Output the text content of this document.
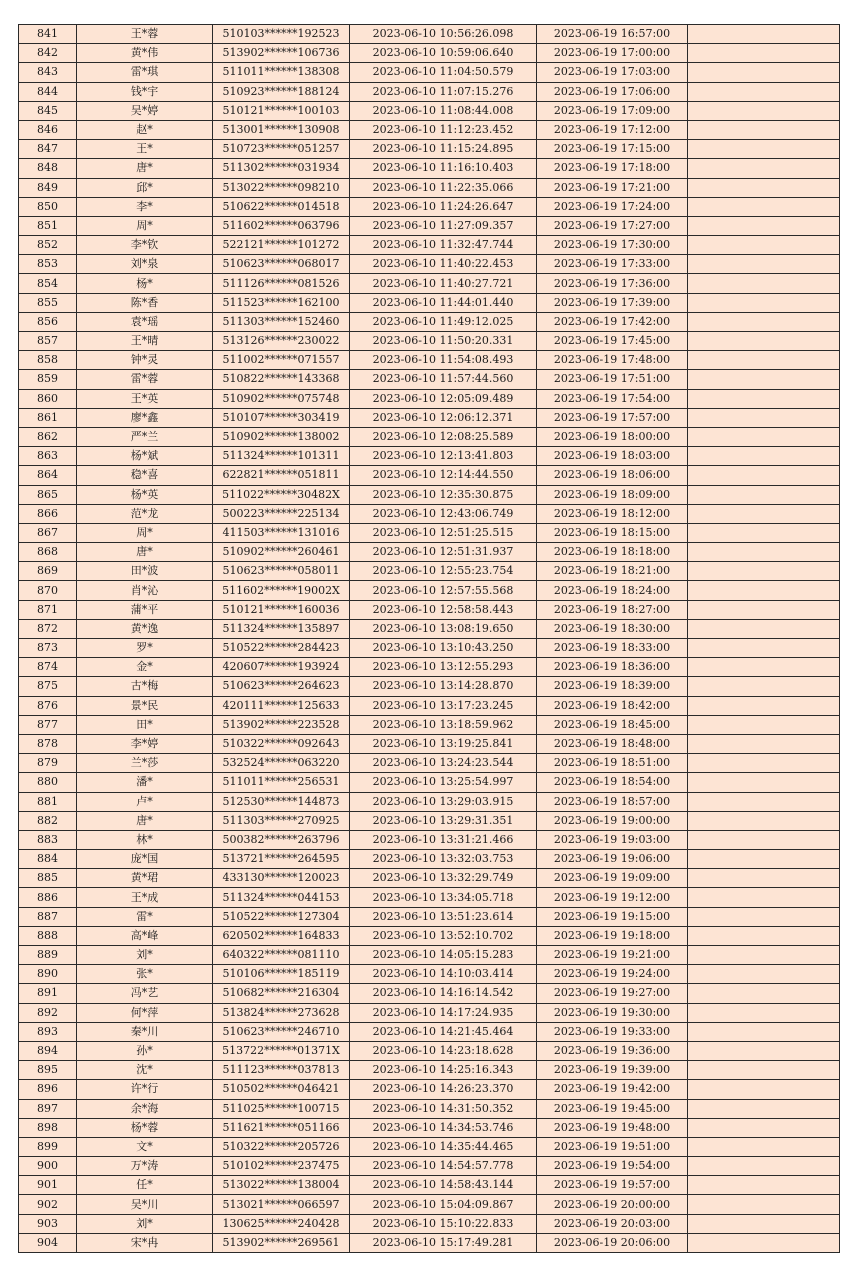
841	王*蓉	510103******192523	2023-06-10 10:56:26.098	2023-06-19 16:57:00	
842	黄*伟	513902******106736	2023-06-10 10:59:06.640	2023-06-19 17:00:00	
843	雷*琪	511011******138308	2023-06-10 11:04:50.579	2023-06-19 17:03:00	
844	钱*宇	510923******188124	2023-06-10 11:07:15.276	2023-06-19 17:06:00	
845	吴*婷	510121******100103	2023-06-10 11:08:44.008	2023-06-19 17:09:00	
846	赵*	513001******130908	2023-06-10 11:12:23.452	2023-06-19 17:12:00	
847	王*	510723******051257	2023-06-10 11:15:24.895	2023-06-19 17:15:00	
848	唐*	511302******031934	2023-06-10 11:16:10.403	2023-06-19 17:18:00	
849	邱*	513022******098210	2023-06-10 11:22:35.066	2023-06-19 17:21:00	
850	李*	510622******014518	2023-06-10 11:24:26.647	2023-06-19 17:24:00	
851	周*	511602******063796	2023-06-10 11:27:09.357	2023-06-19 17:27:00	
852	李*钦	522121******101272	2023-06-10 11:32:47.744	2023-06-19 17:30:00	
853	刘*泉	510623******068017	2023-06-10 11:40:22.453	2023-06-19 17:33:00	
854	杨*	511126******081526	2023-06-10 11:40:27.721	2023-06-19 17:36:00	
855	陈*香	511523******162100	2023-06-10 11:44:01.440	2023-06-19 17:39:00	
856	袁*瑶	511303******152460	2023-06-10 11:49:12.025	2023-06-19 17:42:00	
857	王*晴	513126******230022	2023-06-10 11:50:20.331	2023-06-19 17:45:00	
858	钟*灵	511002******071557	2023-06-10 11:54:08.493	2023-06-19 17:48:00	
859	雷*蓉	510822******143368	2023-06-10 11:57:44.560	2023-06-19 17:51:00	
860	王*英	510902******075748	2023-06-10 12:05:09.489	2023-06-19 17:54:00	
861	廖*鑫	510107******303419	2023-06-10 12:06:12.371	2023-06-19 17:57:00	
862	严*兰	510902******138002	2023-06-10 12:08:25.589	2023-06-19 18:00:00	
863	杨*斌	511324******101311	2023-06-10 12:13:41.803	2023-06-19 18:03:00	
864	稳*喜	622821******051811	2023-06-10 12:14:44.550	2023-06-19 18:06:00	
865	杨*英	511022******30482X	2023-06-10 12:35:30.875	2023-06-19 18:09:00	
866	范*龙	500223******225134	2023-06-10 12:43:06.749	2023-06-19 18:12:00	
867	周*	411503******131016	2023-06-10 12:51:25.515	2023-06-19 18:15:00	
868	唐*	510902******260461	2023-06-10 12:51:31.937	2023-06-19 18:18:00	
869	田*波	510623******058011	2023-06-10 12:55:23.754	2023-06-19 18:21:00	
870	肖*沁	511602******19002X	2023-06-10 12:57:55.568	2023-06-19 18:24:00	
871	蒲*平	510121******160036	2023-06-10 12:58:58.443	2023-06-19 18:27:00	
872	黄*逸	511324******135897	2023-06-10 13:08:19.650	2023-06-19 18:30:00	
873	罗*	510522******284423	2023-06-10 13:10:43.250	2023-06-19 18:33:00	
874	金*	420607******193924	2023-06-10 13:12:55.293	2023-06-19 18:36:00	
875	古*梅	510623******264623	2023-06-10 13:14:28.870	2023-06-19 18:39:00	
876	景*民	420111******125633	2023-06-10 13:17:23.245	2023-06-19 18:42:00	
877	田*	513902******223528	2023-06-10 13:18:59.962	2023-06-19 18:45:00	
878	李*婷	510322******092643	2023-06-10 13:19:25.841	2023-06-19 18:48:00	
879	兰*莎	532524******063220	2023-06-10 13:24:23.544	2023-06-19 18:51:00	
880	潘*	511011******256531	2023-06-10 13:25:54.997	2023-06-19 18:54:00	
881	卢*	512530******144873	2023-06-10 13:29:03.915	2023-06-19 18:57:00	
882	唐*	511303******270925	2023-06-10 13:29:31.351	2023-06-19 19:00:00	
883	林*	500382******263796	2023-06-10 13:31:21.466	2023-06-19 19:03:00	
884	庞*国	513721******264595	2023-06-10 13:32:03.753	2023-06-19 19:06:00	
885	黄*珺	433130******120023	2023-06-10 13:32:29.749	2023-06-19 19:09:00	
886	王*成	511324******044153	2023-06-10 13:34:05.718	2023-06-19 19:12:00	
887	雷*	510522******127304	2023-06-10 13:51:23.614	2023-06-19 19:15:00	
888	高*峰	620502******164833	2023-06-10 13:52:10.702	2023-06-19 19:18:00	
889	刘*	640322******081110	2023-06-10 14:05:15.283	2023-06-19 19:21:00	
890	张*	510106******185119	2023-06-10 14:10:03.414	2023-06-19 19:24:00	
891	冯*艺	510682******216304	2023-06-10 14:16:14.542	2023-06-19 19:27:00	
892	何*萍	513824******273628	2023-06-10 14:17:24.935	2023-06-19 19:30:00	
893	秦*川	510623******246710	2023-06-10 14:21:45.464	2023-06-19 19:33:00	
894	孙*	513722******01371X	2023-06-10 14:23:18.628	2023-06-19 19:36:00	
895	沈*	511123******037813	2023-06-10 14:25:16.343	2023-06-19 19:39:00	
896	许*行	510502******046421	2023-06-10 14:26:23.370	2023-06-19 19:42:00	
897	余*海	511025******100715	2023-06-10 14:31:50.352	2023-06-19 19:45:00	
898	杨*蓉	511621******051166	2023-06-10 14:34:53.746	2023-06-19 19:48:00	
899	文*	510322******205726	2023-06-10 14:35:44.465	2023-06-19 19:51:00	
900	万*涛	510102******237475	2023-06-10 14:54:57.778	2023-06-19 19:54:00	
901	任*	513022******138004	2023-06-10 14:58:43.144	2023-06-19 19:57:00	
902	吴*川	513021******066597	2023-06-10 15:04:09.867	2023-06-19 20:00:00	
903	刘*	130625******240428	2023-06-10 15:10:22.833	2023-06-19 20:03:00	
904	宋*冉	513902******269561	2023-06-10 15:17:49.281	2023-06-19 20:06:00	
